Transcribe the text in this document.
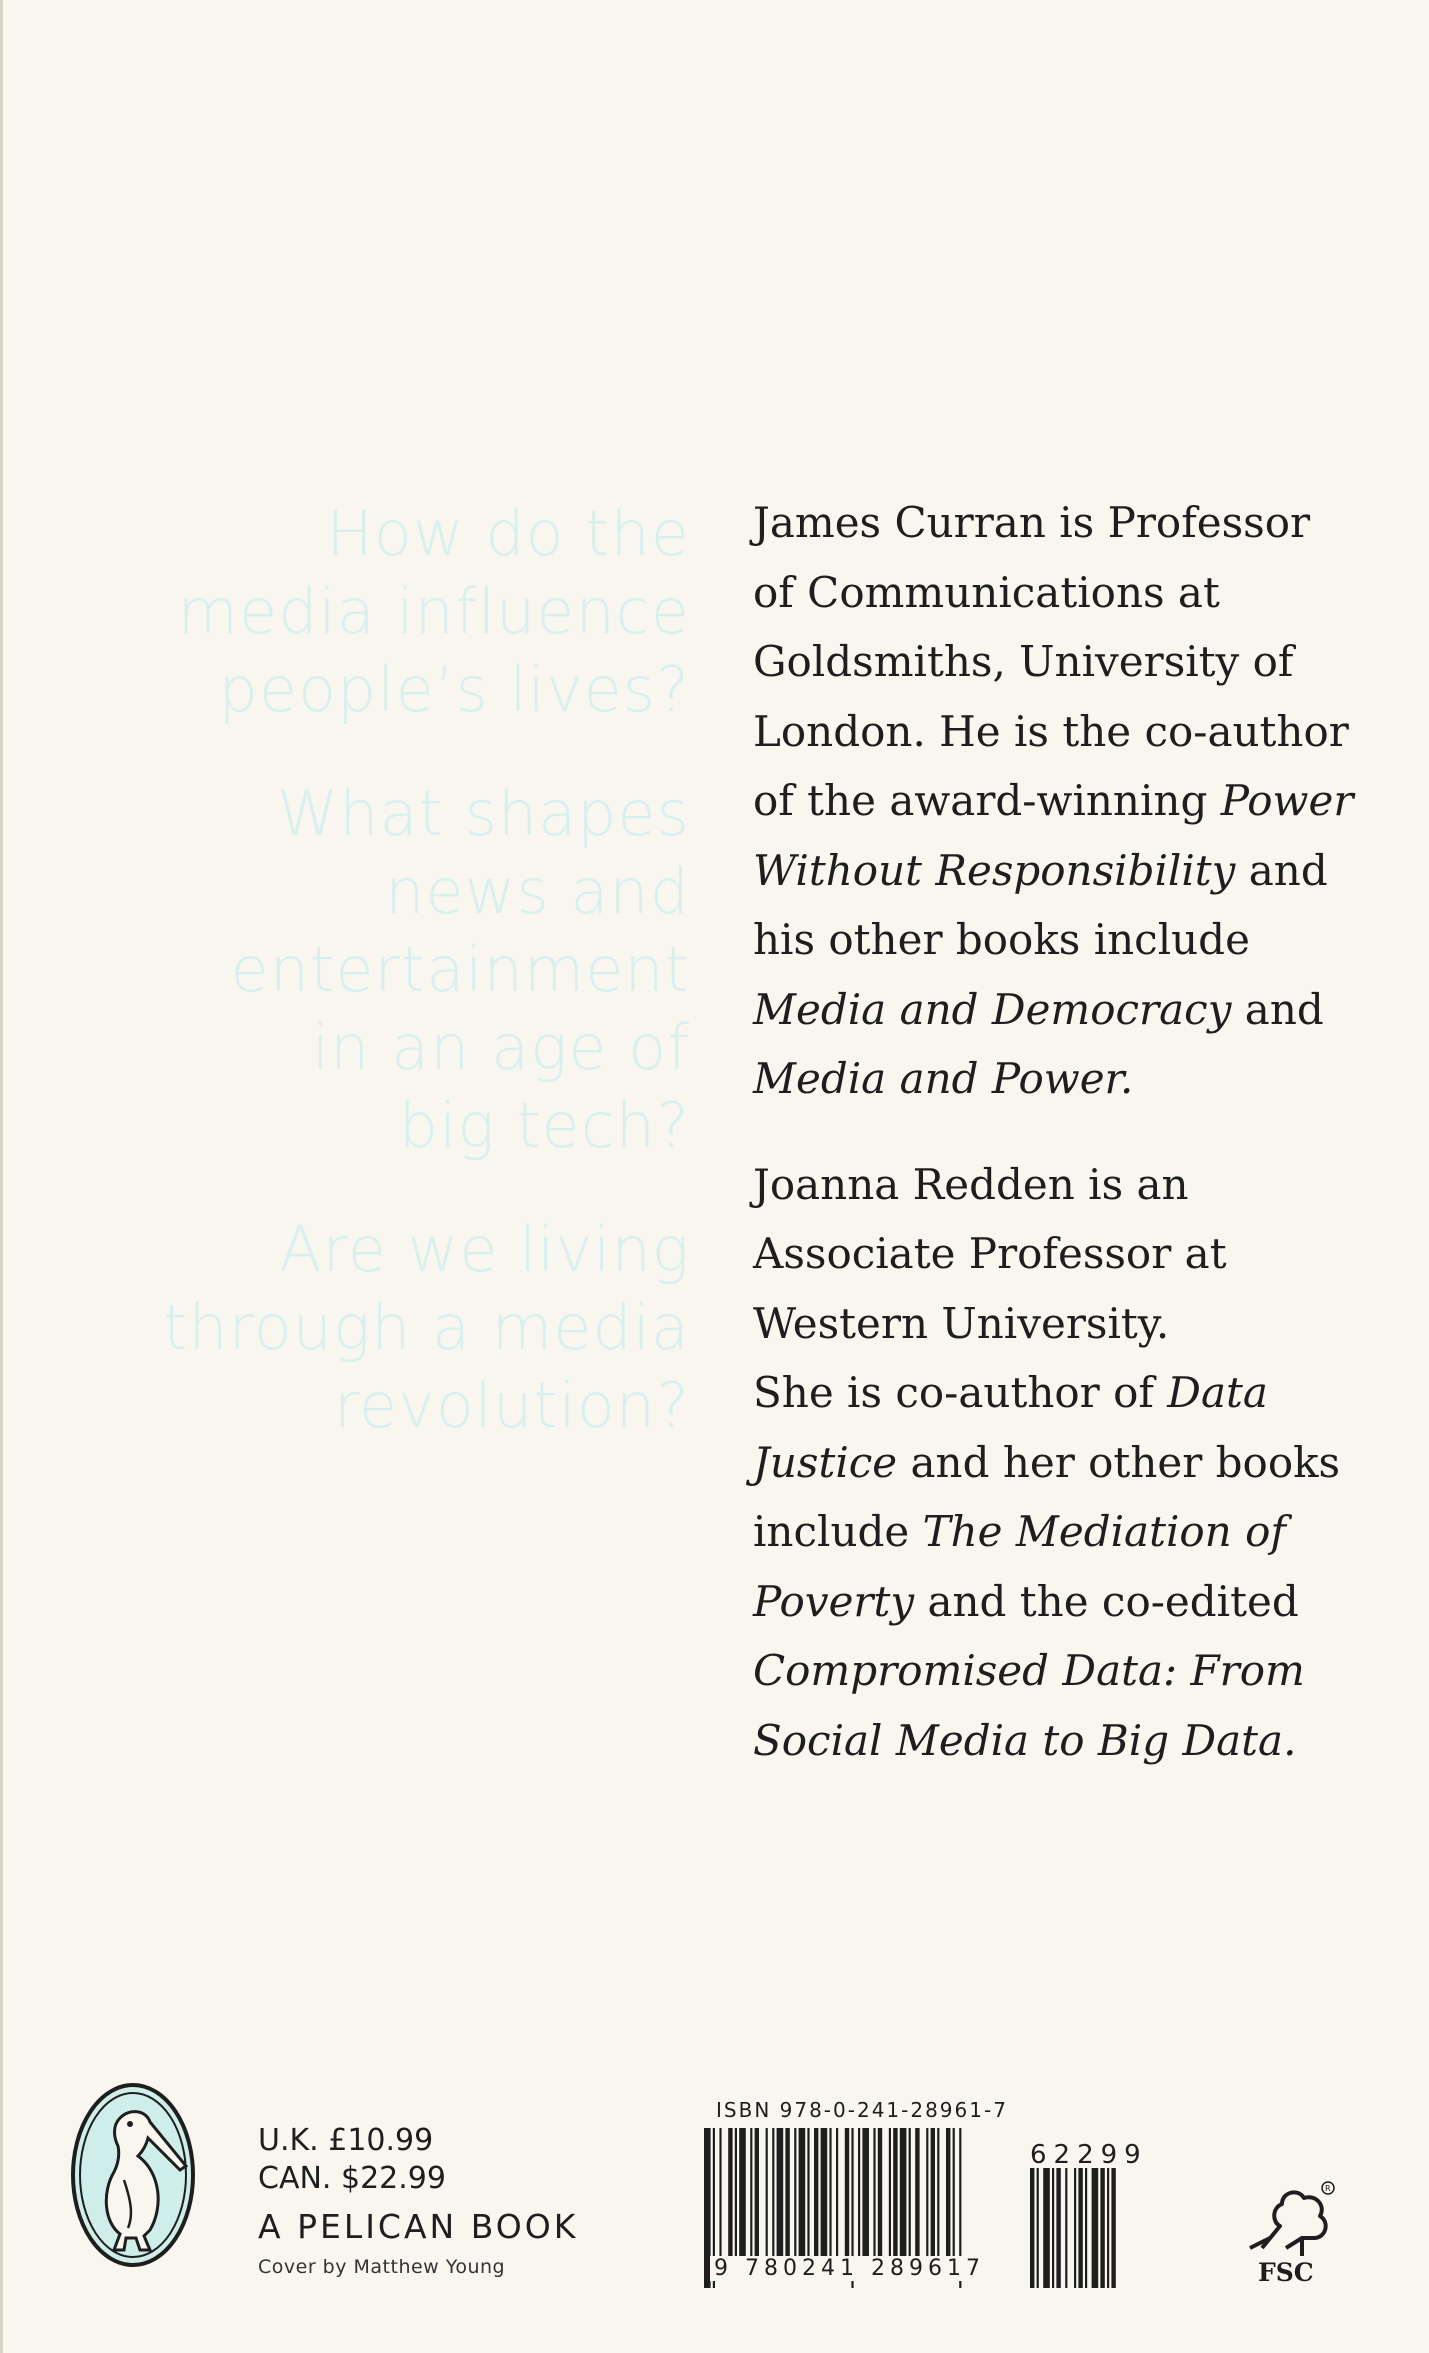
How do the
media influence
people’s lives?
What shapes
news and
entertainment
in an age of
big tech?
Are we living
through a media
revolution?
James Curran is Professor
of Communications at
Goldsmiths, University of
London. He is the co-author
of the award-winning Power
Without Responsibility and
his other books include
Media and Democracy and
Media and Power.
Joanna Redden is an
Associate Professor at
Western University.
She is co-author of Data
Justice and her other books
include The Mediation of
Poverty and the co-edited
Compromised Data: From
Social Media to Big Data.
U.K. £10.99
CAN. $22.99
A PELICAN BOOK
Cover by Matthew Young
ISBN 978-0-241-28961-7
62299
9 780241 289617
R
FSC
